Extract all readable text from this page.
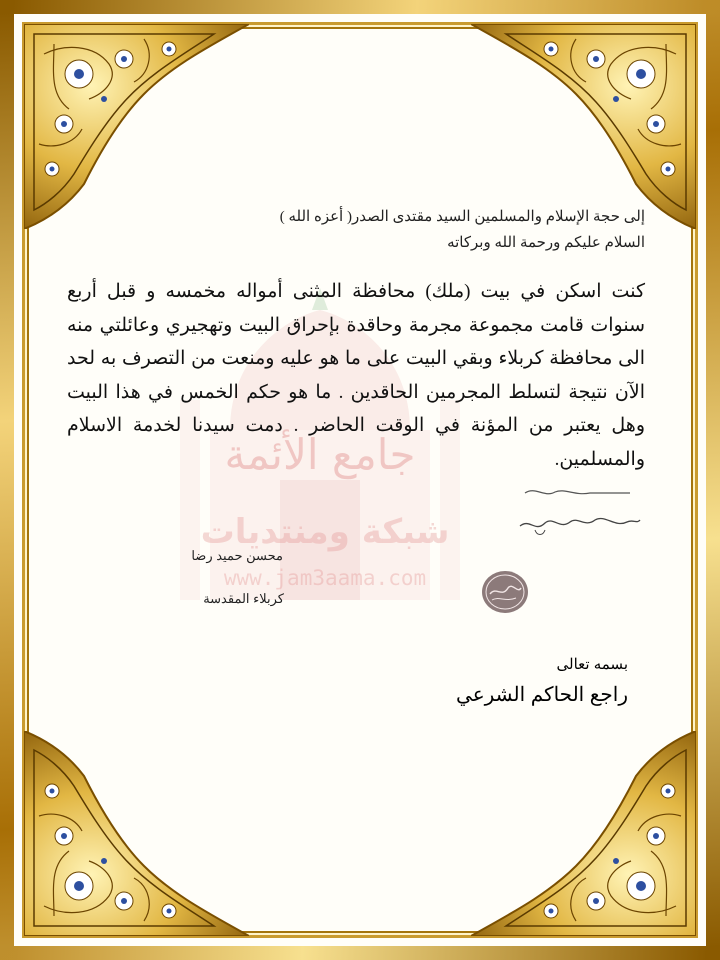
جامع الأئمة
شبكة ومنتديات
www.jam3aama.com
إلى حجة الإسلام والمسلمين السيد مقتدى الصدر( أعزه الله )
السلام عليكم ورحمة الله وبركاته
كنت اسكن في بيت (ملك) محافظة المثنى أمواله مخمسه و قبل أربع سنوات قامت مجموعة مجرمة وحاقدة بإحراق البيت وتهجيري وعائلتي منه الى محافظة كربلاء وبقي البيت على ما هو عليه ومنعت من التصرف به لحد الآن نتيجة لتسلط المجرمين الحاقدين . ما هو حكم الخمس في هذا البيت وهل يعتبر من المؤنة في الوقت الحاضر . دمت سيدنا لخدمة الاسلام والمسلمين.
محسن حميد رضا
كربلاء المقدسة
بسمه تعالى
راجع الحاكم الشرعي
